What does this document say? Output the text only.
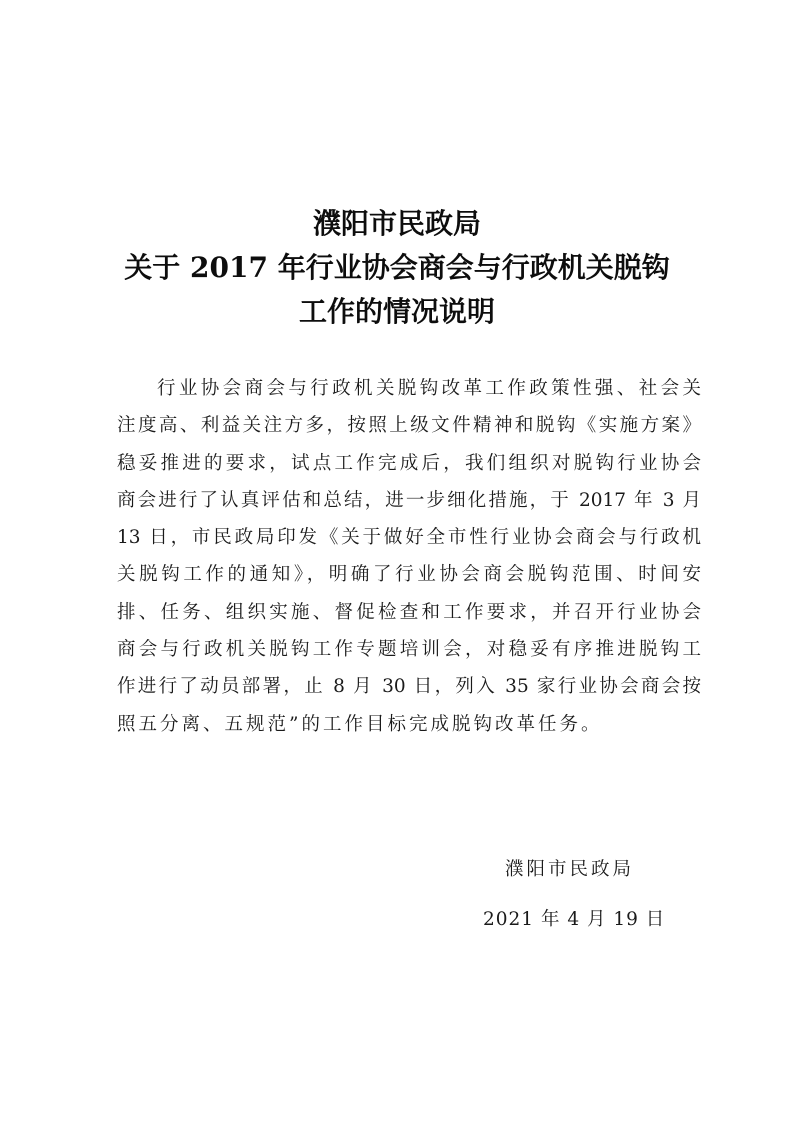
濮阳市民政局
关于 2017 年行业协会商会与行政机关脱钩
工作的情况说明
行业协会商会与行政机关脱钩改革工作政策性强、社会关
注度高、利益关注方多，按照上级文件精神和脱钩《实施方案》
稳妥推进的要求，试点工作完成后，我们组织对脱钩行业协会
商会进行了认真评估和总结，进一步细化措施，于 2017 年 3 月
13 日，市民政局印发《关于做好全市性行业协会商会与行政机
关脱钩工作的通知》，明确了行业协会商会脱钩范围、时间安
排、任务、组织实施、督促检查和工作要求，并召开行业协会
商会与行政机关脱钩工作专题培训会，对稳妥有序推进脱钩工
作进行了动员部署，止 8 月 30 日，列入 35 家行业协会商会按
照五分离、五规范”的工作目标完成脱钩改革任务。
濮阳市民政局
2021 年 4 月 19 日
